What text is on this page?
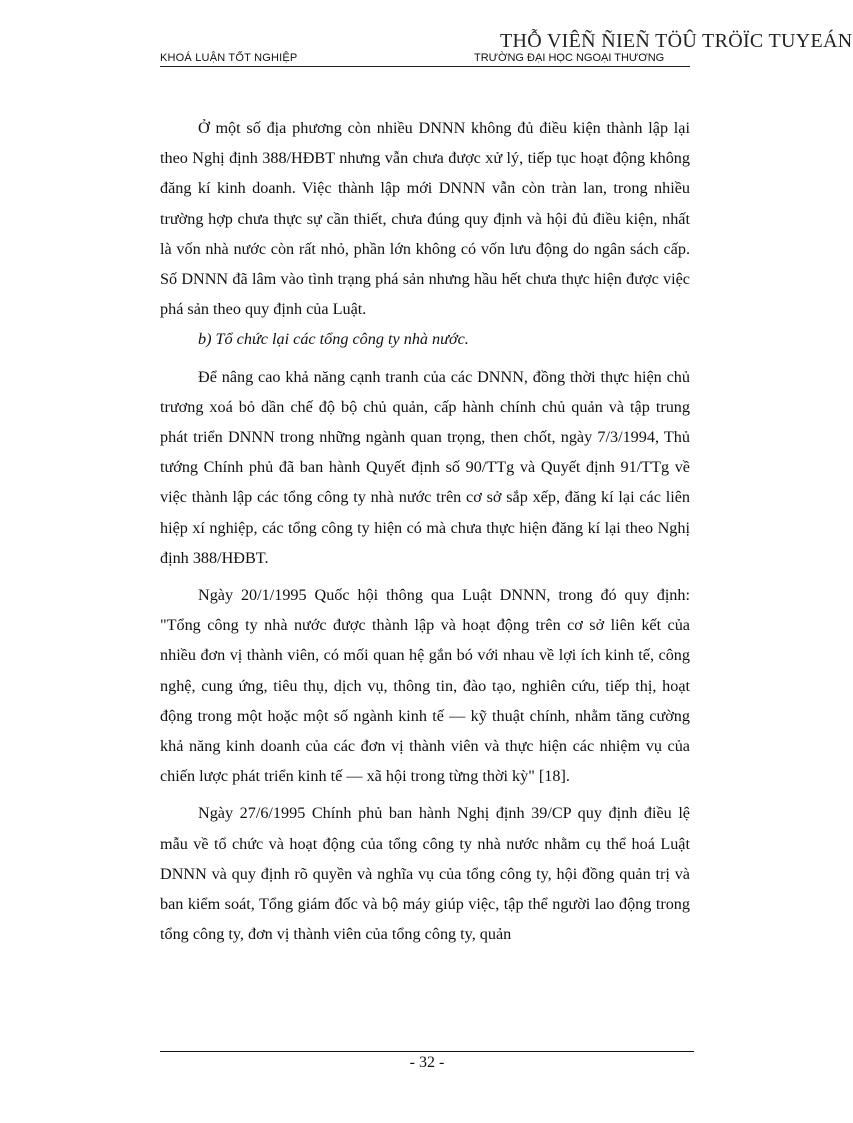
THỖ VIÊÑ ÑIEÑ TÖÛ TRÖÏC TUYEÁN
KHOÁ LUẬN TỐT NGHIỆP	TRƯỜNG ĐẠI HỌC NGOẠI THƯƠNG

Ở một số địa phương còn nhiều DNNN không đủ điều kiện thành lập lại theo Nghị định 388/HĐBT nhưng vẫn chưa được xử lý, tiếp tục hoạt động không đăng kí kinh doanh. Việc thành lập mới DNNN vẫn còn tràn lan, trong nhiều trường hợp chưa thực sự cần thiết, chưa đúng quy định và hội đủ điều kiện, nhất là vốn nhà nước còn rất nhỏ, phần lớn không có vốn lưu động do ngân sách cấp. Số DNNN đã lâm vào tình trạng phá sản nhưng hầu hết chưa thực hiện được việc phá sản theo quy định của Luật.

b) Tổ chức lại các tổng công ty nhà nước.

Để nâng cao khả năng cạnh tranh của các DNNN, đồng thời thực hiện chủ trương xoá bỏ dần chế độ bộ chủ quản, cấp hành chính chủ quản và tập trung phát triển DNNN trong những ngành quan trọng, then chốt, ngày 7/3/1994, Thủ tướng Chính phủ đã ban hành Quyết định số 90/TTg và Quyết định 91/TTg về việc thành lập các tổng công ty nhà nước trên cơ sở sắp xếp, đăng kí lại các liên hiệp xí nghiệp, các tổng công ty hiện có mà chưa thực hiện đăng kí lại theo Nghị định 388/HĐBT.

Ngày 20/1/1995 Quốc hội thông qua Luật DNNN, trong đó quy định: "Tổng công ty nhà nước được thành lập và hoạt động trên cơ sở liên kết của nhiều đơn vị thành viên, có mối quan hệ gắn bó với nhau về lợi ích kinh tế, công nghệ, cung ứng, tiêu thụ, dịch vụ, thông tin, đào tạo, nghiên cứu, tiếp thị, hoạt động trong một hoặc một số ngành kinh tế — kỹ thuật chính, nhằm tăng cường khả năng kinh doanh của các đơn vị thành viên và thực hiện các nhiệm vụ của chiến lược phát triển kinh tế — xã hội trong từng thời kỳ" [18].

Ngày 27/6/1995 Chính phủ ban hành Nghị định 39/CP quy định điều lệ mẫu về tổ chức và hoạt động của tổng công ty nhà nước nhằm cụ thể hoá Luật DNNN và quy định rõ quyền và nghĩa vụ của tổng công ty, hội đồng quản trị và ban kiểm soát, Tổng giám đốc và bộ máy giúp việc, tập thể người lao động trong tổng công ty, đơn vị thành viên của tổng công ty, quản

- 32 -
